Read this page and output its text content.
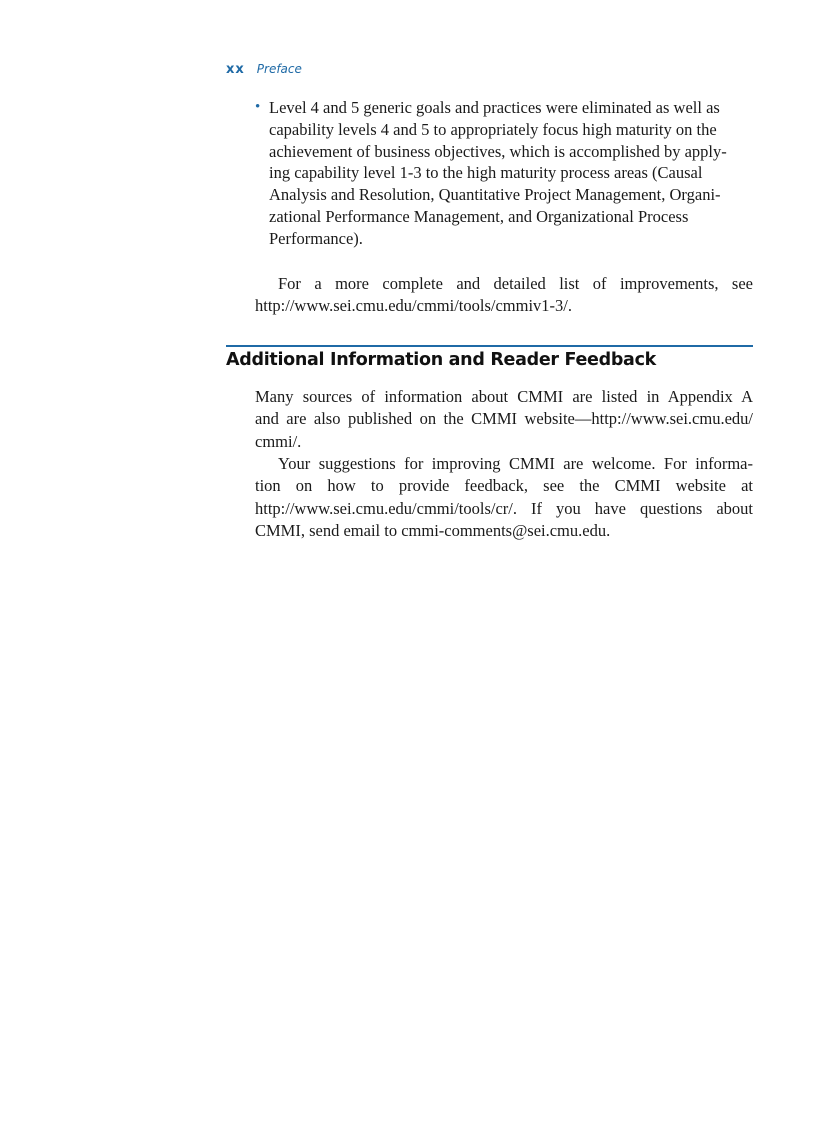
xx Preface
• Level 4 and 5 generic goals and practices were eliminated as well as
capability levels 4 and 5 to appropriately focus high maturity on the
achievement of business objectives, which is accomplished by apply-
ing capability level 1-3 to the high maturity process areas (Causal
Analysis and Resolution, Quantitative Project Management, Organi-
zational Performance Management, and Organizational Process
Performance).
For a more complete and detailed list of improvements, see
http://www.sei.cmu.edu/cmmi/tools/cmmiv1-3/.
Additional Information and Reader Feedback
Many sources of information about CMMI are listed in Appendix A
and are also published on the CMMI website—http://www.sei.cmu.edu/
cmmi/.
Your suggestions for improving CMMI are welcome. For informa-
tion on how to provide feedback, see the CMMI website at
http://www.sei.cmu.edu/cmmi/tools/cr/. If you have questions about
CMMI, send email to cmmi-comments@sei.cmu.edu.
